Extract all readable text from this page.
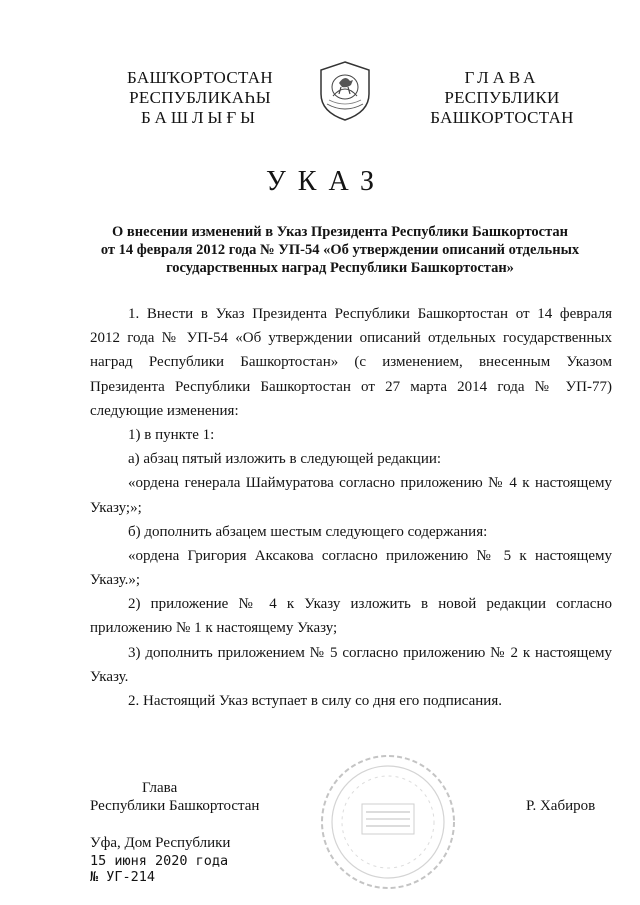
БАШҠОРТОСТАН
РЕСПУБЛИКАҺЫ
БАШЛЫҒЫ
ГЛАВА
РЕСПУБЛИКИ
БАШКОРТОСТАН
УКАЗ
О внесении изменений в Указ Президента Республики Башкортостан
от 14 февраля 2012 года № УП-54 «Об утверждении описаний отдельных
государственных наград Республики Башкортостан»
1. Внести в Указ Президента Республики Башкортостан от 14 февраля
2012 года № УП-54 «Об утверждении описаний отдельных государственных
наград Республики Башкортостан» (с изменением, внесенным Указом
Президента Республики Башкортостан от 27 марта 2014 года № УП-77)
следующие изменения:
1) в пункте 1:
а) абзац пятый изложить в следующей редакции:
«ордена генерала Шаймуратова согласно приложению № 4 к настоящему
Указу;»;
б) дополнить абзацем шестым следующего содержания:
«ордена Григория Аксакова согласно приложению № 5 к настоящему
Указу.»;
2) приложение № 4 к Указу изложить в новой редакции согласно
приложению № 1 к настоящему Указу;
3) дополнить приложением № 5 согласно приложению № 2 к настоящему
Указу.
2. Настоящий Указ вступает в силу со дня его подписания.
Глава
Республики Башкортостан	Р. Хабиров
Уфа, Дом Республики
15 июня 2020 года
№ УГ-214
